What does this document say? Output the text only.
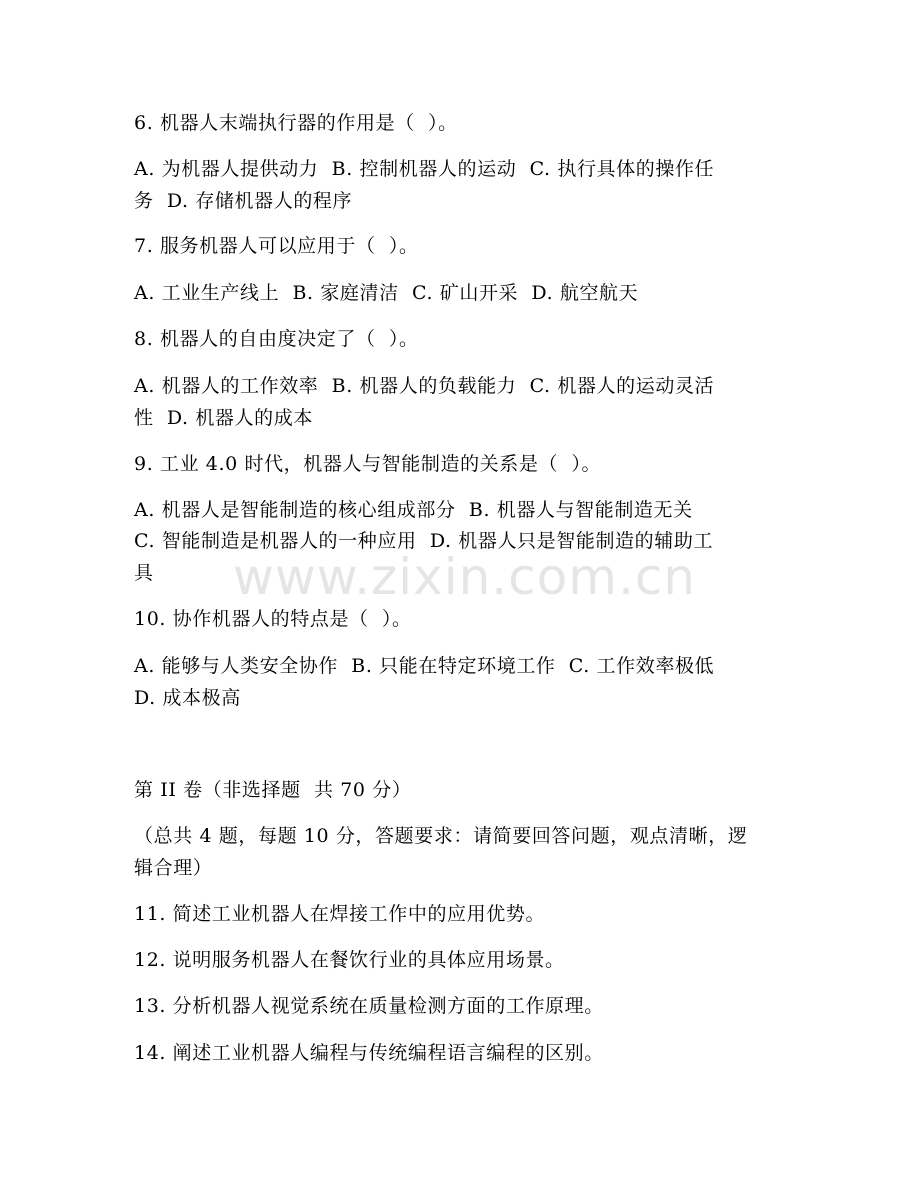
6. 机器人末端执行器的作用是（  ）。
A. 为机器人提供动力  B. 控制机器人的运动  C. 执行具体的操作任
务  D. 存储机器人的程序
7. 服务机器人可以应用于（  ）。
A. 工业生产线上  B. 家庭清洁  C. 矿山开采  D. 航空航天
8. 机器人的自由度决定了（  ）。
A. 机器人的工作效率  B. 机器人的负载能力  C. 机器人的运动灵活
性  D. 机器人的成本
9. 工业 4.0 时代，机器人与智能制造的关系是（  ）。
A. 机器人是智能制造的核心组成部分  B. 机器人与智能制造无关
C. 智能制造是机器人的一种应用  D. 机器人只是智能制造的辅助工
具
10. 协作机器人的特点是（  ）。
A. 能够与人类安全协作  B. 只能在特定环境工作  C. 工作效率极低
D. 成本极高
第 II 卷（非选择题  共 70 分）
（总共 4 题，每题 10 分，答题要求：请简要回答问题，观点清晰，逻
辑合理）
11. 简述工业机器人在焊接工作中的应用优势。
12. 说明服务机器人在餐饮行业的具体应用场景。
13. 分析机器人视觉系统在质量检测方面的工作原理。
14. 阐述工业机器人编程与传统编程语言编程的区别。
www.zixin.com.cn
